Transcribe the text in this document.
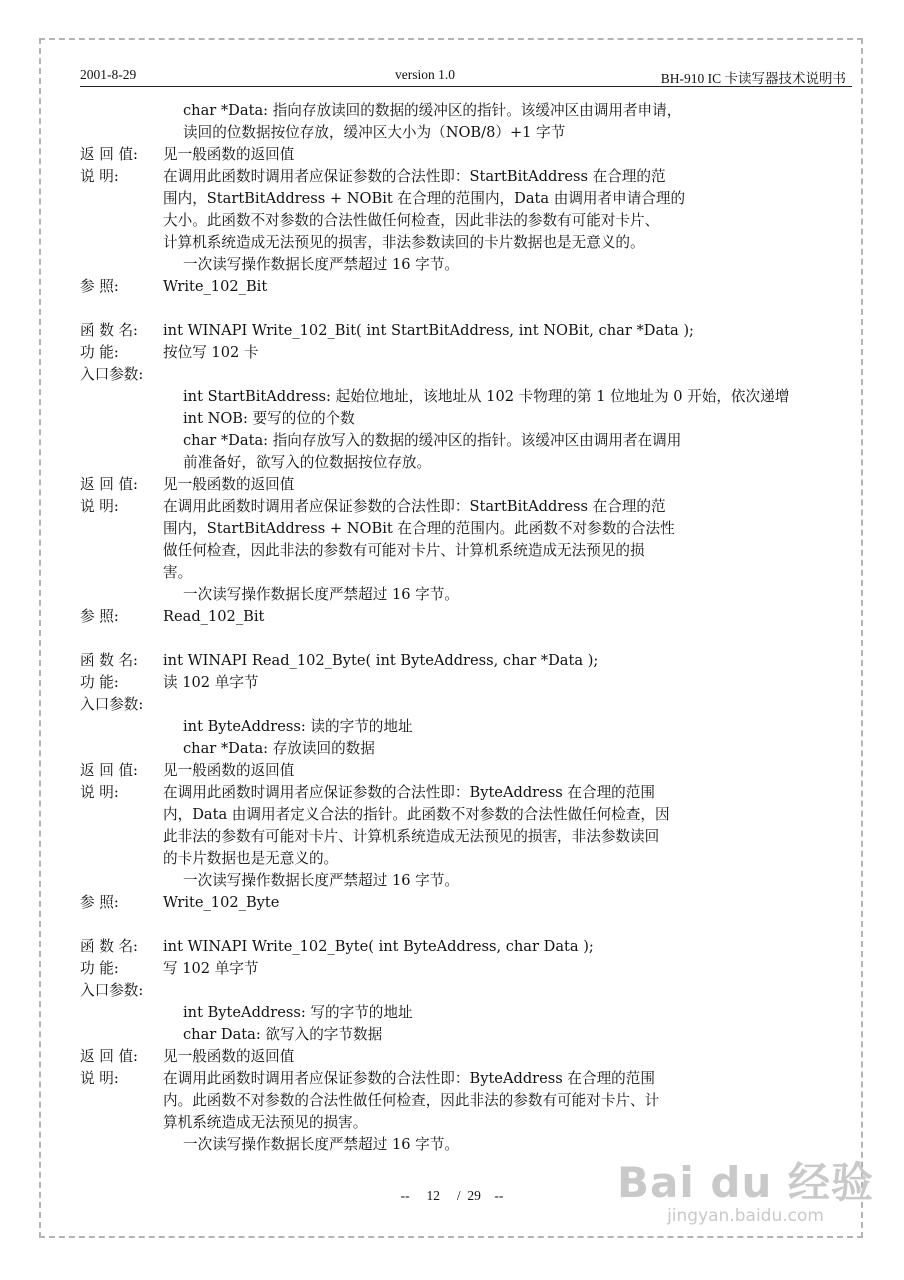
2001-8-29	version 1.0	BH-910 IC 卡读写器技术说明书
char *Data: 指向存放读回的数据的缓冲区的指针。该缓冲区由调用者申请，
读回的位数据按位存放，缓冲区大小为（NOB/8）+1 字节
返 回 值:	见一般函数的返回值
说 明:	在调用此函数时调用者应保证参数的合法性即：StartBitAddress 在合理的范
围内，StartBitAddress + NOBit 在合理的范围内，Data 由调用者申请合理的
大小。此函数不对参数的合法性做任何检查，因此非法的参数有可能对卡片、
计算机系统造成无法预见的损害，非法参数读回的卡片数据也是无意义的。
一次读写操作数据长度严禁超过 16 字节。
参 照:	Write_102_Bit
函 数 名:	int WINAPI Write_102_Bit( int StartBitAddress, int NOBit, char *Data );
功 能:	按位写 102 卡
入口参数:
int StartBitAddress: 起始位地址，该地址从 102 卡物理的第 1 位地址为 0 开始，依次递增
int NOB: 要写的位的个数
char *Data: 指向存放写入的数据的缓冲区的指针。该缓冲区由调用者在调用
前准备好，欲写入的位数据按位存放。
返 回 值:	见一般函数的返回值
说 明:	在调用此函数时调用者应保证参数的合法性即：StartBitAddress 在合理的范
围内，StartBitAddress + NOBit 在合理的范围内。此函数不对参数的合法性
做任何检查，因此非法的参数有可能对卡片、计算机系统造成无法预见的损
害。
一次读写操作数据长度严禁超过 16 字节。
参 照:	Read_102_Bit
函 数 名:	int WINAPI Read_102_Byte( int ByteAddress, char *Data );
功 能:	读 102 单字节
入口参数:
int ByteAddress: 读的字节的地址
char *Data: 存放读回的数据
返 回 值:	见一般函数的返回值
说 明:	在调用此函数时调用者应保证参数的合法性即：ByteAddress 在合理的范围
内，Data 由调用者定义合法的指针。此函数不对参数的合法性做任何检查，因
此非法的参数有可能对卡片、计算机系统造成无法预见的损害，非法参数读回
的卡片数据也是无意义的。
一次读写操作数据长度严禁超过 16 字节。
参 照:	Write_102_Byte
函 数 名:	int WINAPI Write_102_Byte( int ByteAddress, char Data );
功 能:	写 102 单字节
入口参数:
int ByteAddress: 写的字节的地址
char Data: 欲写入的字节数据
返 回 值:	见一般函数的返回值
说 明:	在调用此函数时调用者应保证参数的合法性即：ByteAddress 在合理的范围
内。此函数不对参数的合法性做任何检查，因此非法的参数有可能对卡片、计
算机系统造成无法预见的损害。
一次读写操作数据长度严禁超过 16 字节。
-- 12 / 29 --	Bai du 经验
jingyan.baidu.com
